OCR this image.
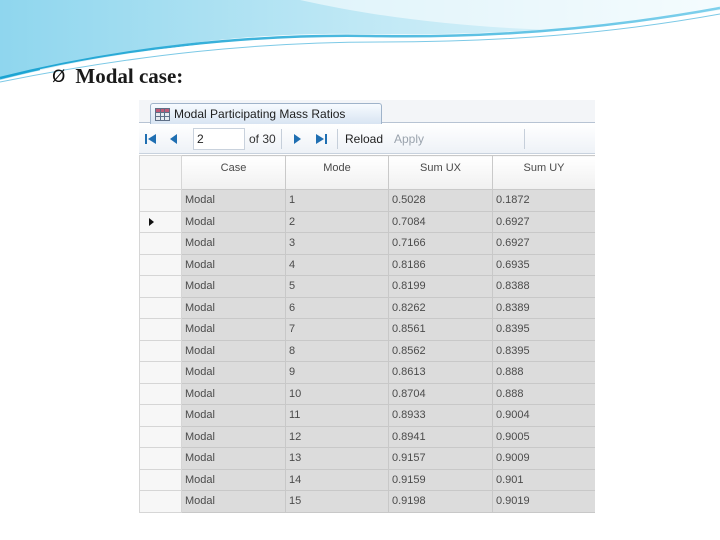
Ø Modal case:
Modal Participating Mass Ratios
2
of 30	Reload Apply
	Case	Mode	Sum UX	Sum UY
	Modal	1	0.5028	0.1872

	Modal	2	0.7084	0.6927
	Modal	3	0.7166	0.6927
	Modal	4	0.8186	0.6935
	Modal	5	0.8199	0.8388
	Modal	6	0.8262	0.8389
	Modal	7	0.8561	0.8395
	Modal	8	0.8562	0.8395
	Modal	9	0.8613	0.888
	Modal	10	0.8704	0.888
	Modal	11	0.8933	0.9004
	Modal	12	0.8941	0.9005
	Modal	13	0.9157	0.9009
	Modal	14	0.9159	0.901
	Modal	15	0.9198	0.9019
